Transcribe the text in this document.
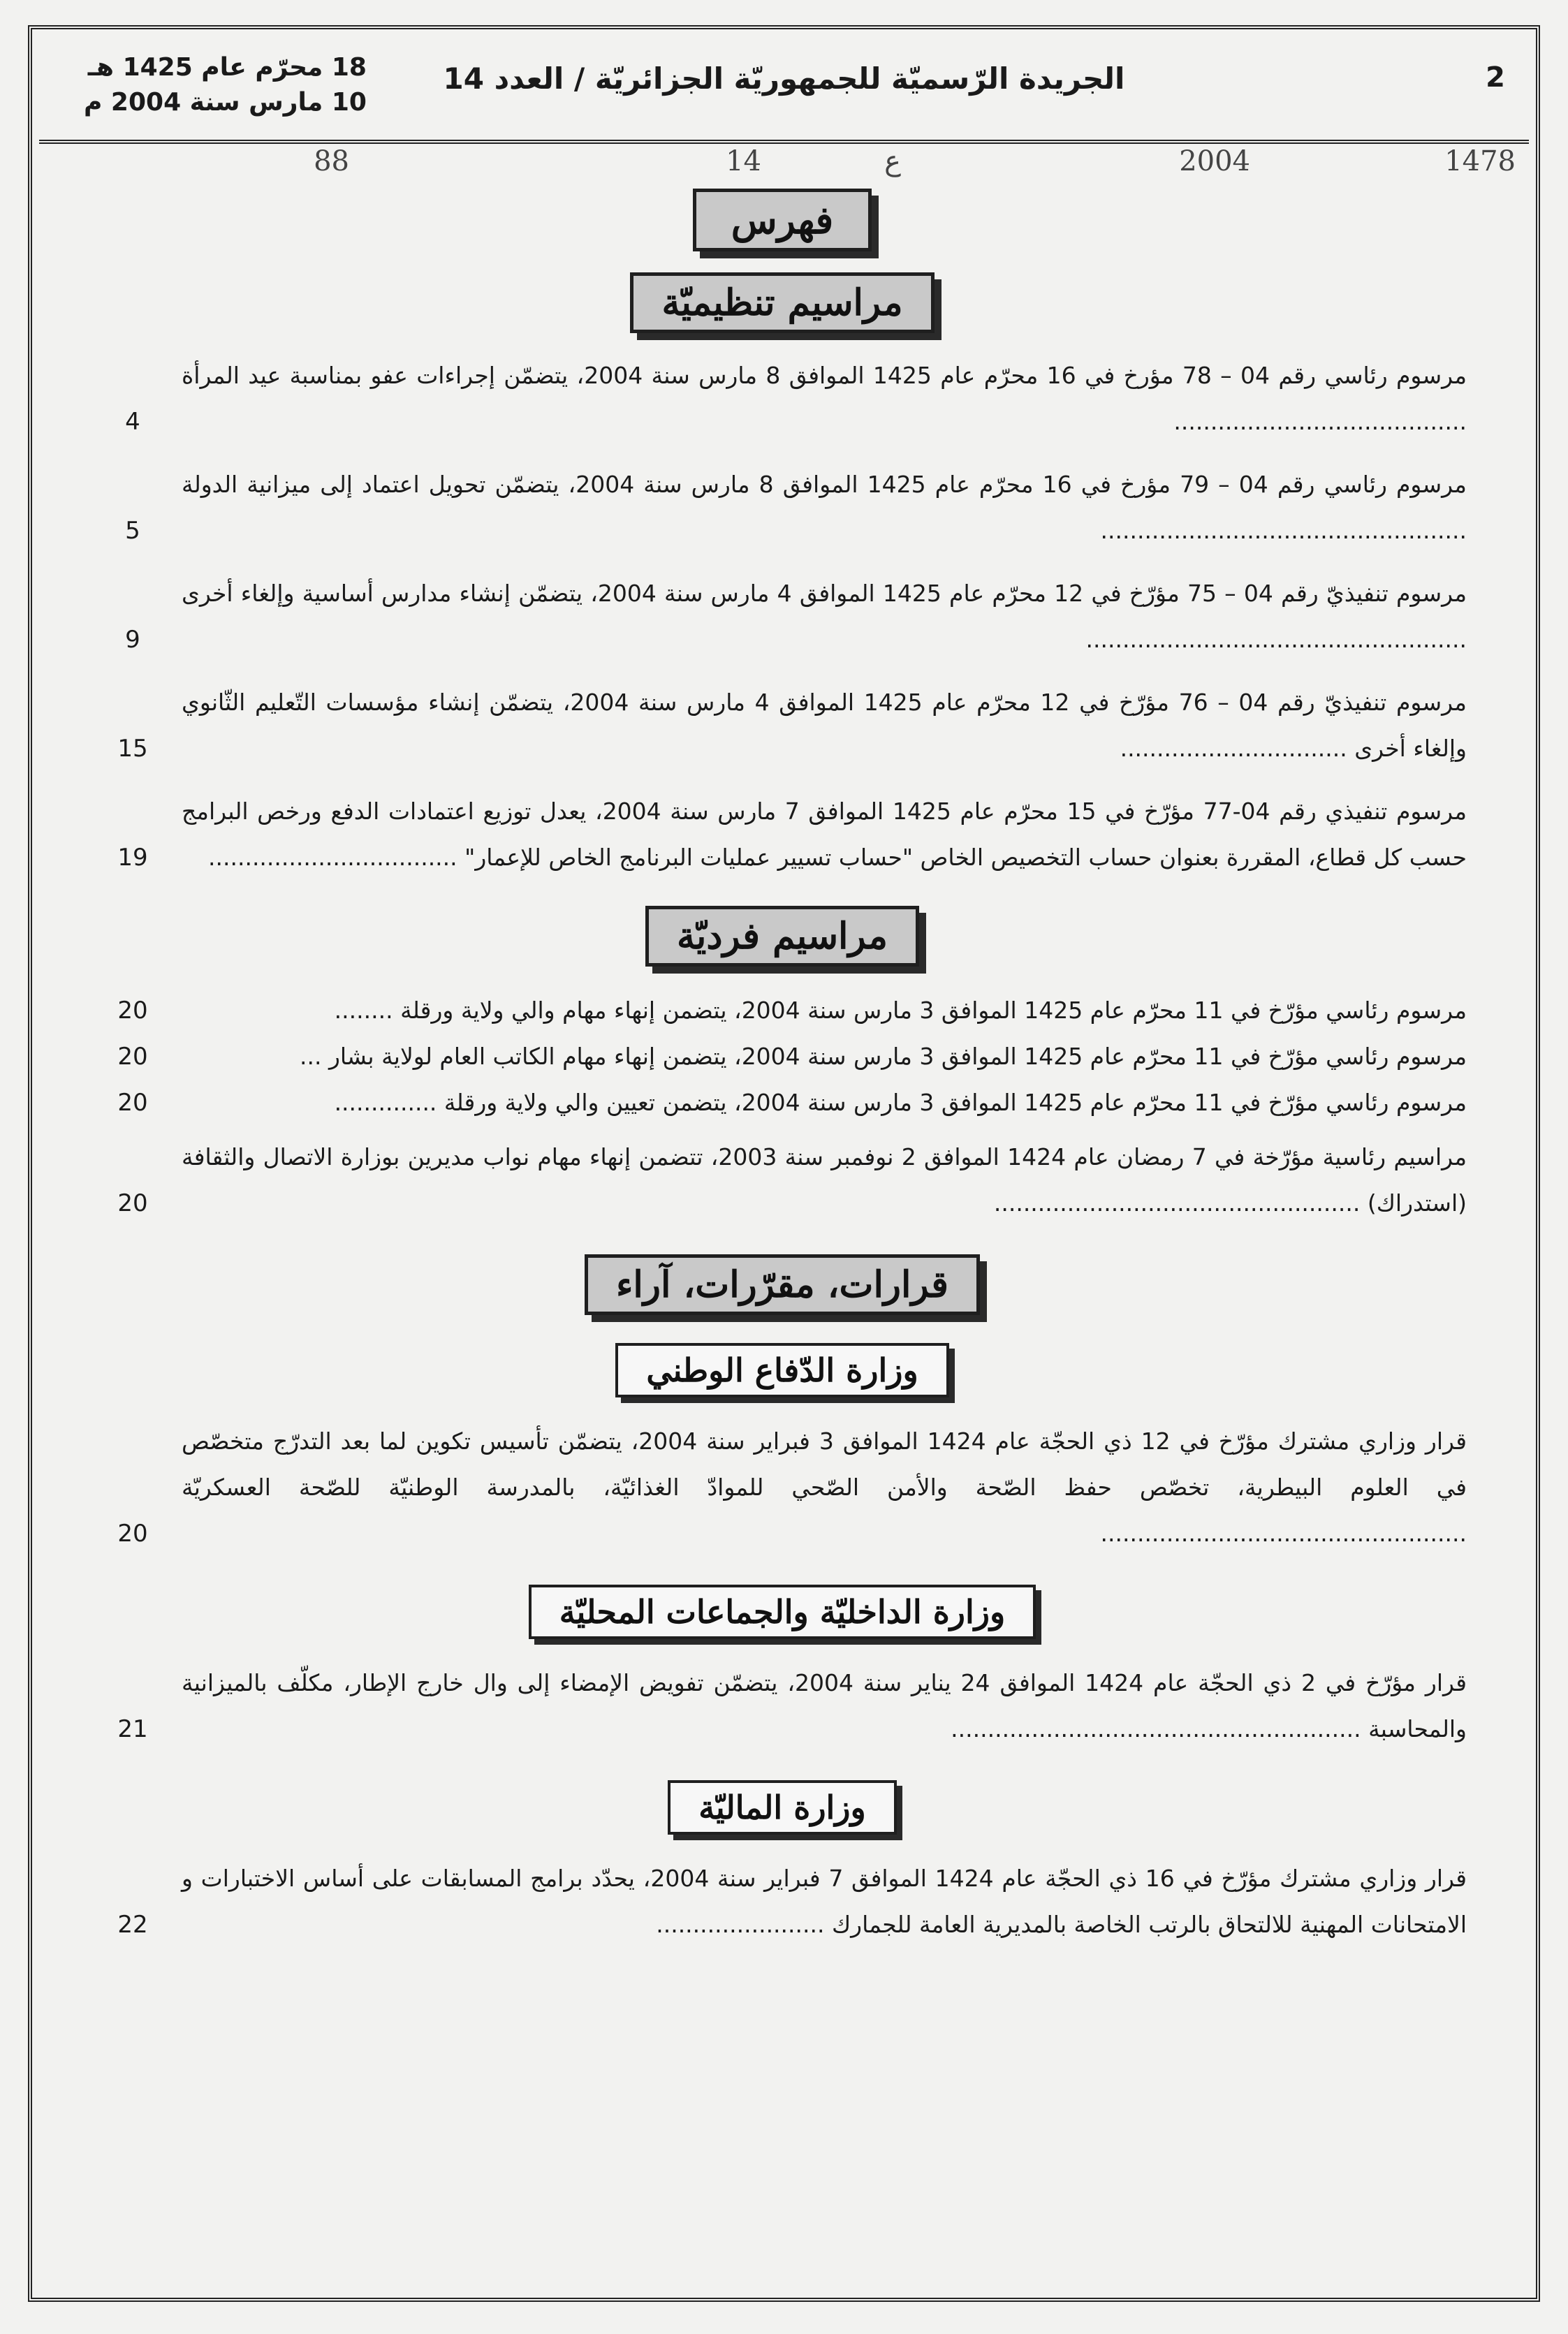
2
الجريدة الرّسميّة للجمهوريّة الجزائريّة / العدد 14
18 محرّم عام 1425 هـ
10 مارس سنة 2004 م
1478
2004
ع
14
88
فهرس
مراسيم تنظيميّة
مرسوم رئاسي رقم 04 – 78 مؤرخ في 16 محرّم عام 1425 الموافق 8 مارس سنة 2004، يتضمّن إجراءات عفو بمناسبة عيد المرأة ........................................
4
مرسوم رئاسي رقم 04 – 79 مؤرخ في 16 محرّم عام 1425 الموافق 8 مارس سنة 2004، يتضمّن تحويل اعتماد إلى ميزانية الدولة ..................................................
5
مرسوم تنفيذيّ رقم 04 – 75 مؤرّخ في 12 محرّم عام 1425 الموافق 4 مارس سنة 2004، يتضمّن إنشاء مدارس أساسية وإلغاء أخرى ....................................................
9
مرسوم تنفيذيّ رقم 04 – 76 مؤرّخ في 12 محرّم عام 1425 الموافق 4 مارس سنة 2004، يتضمّن إنشاء مؤسسات التّعليم الثّانوي وإلغاء أخرى ...............................
15
مرسوم تنفيذي رقم 04-77 مؤرّخ في 15 محرّم عام 1425 الموافق 7 مارس سنة 2004، يعدل توزيع اعتمادات الدفع ورخص البرامج حسب كل قطاع، المقررة بعنوان حساب التخصيص الخاص "حساب تسيير عمليات البرنامج الخاص للإعمار" ..................................
19
مراسيم فرديّة
مرسوم رئاسي مؤرّخ في 11 محرّم عام 1425 الموافق 3 مارس سنة 2004، يتضمن إنهاء مهام والي ولاية ورقلة ........
20
مرسوم رئاسي مؤرّخ في 11 محرّم عام 1425 الموافق 3 مارس سنة 2004، يتضمن إنهاء مهام الكاتب العام لولاية بشار ...
20
مرسوم رئاسي مؤرّخ في 11 محرّم عام 1425 الموافق 3 مارس سنة 2004، يتضمن تعيين والي ولاية ورقلة ..............
20
مراسيم رئاسية مؤرّخة في 7 رمضان عام 1424 الموافق 2 نوفمبر سنة 2003، تتضمن إنهاء مهام نواب مديرين بوزارة الاتصال والثقافة (استدراك) ..................................................
20
قرارات، مقرّرات، آراء
وزارة الدّفاع الوطني
قرار وزاري مشترك مؤرّخ في 12 ذي الحجّة عام 1424 الموافق 3 فبراير سنة 2004، يتضمّن تأسيس تكوين لما بعد التدرّج متخصّص في العلوم البيطرية، تخصّص حفظ الصّحة والأمن الصّحي للموادّ الغذائيّة، بالمدرسة الوطنيّة للصّحة العسكريّة ..................................................
20
وزارة الداخليّة والجماعات المحليّة
قرار مؤرّخ في 2 ذي الحجّة عام 1424 الموافق 24 يناير سنة 2004، يتضمّن تفويض الإمضاء إلى وال خارج الإطار، مكلّف بالميزانية والمحاسبة ........................................................
21
وزارة الماليّة
قرار وزاري مشترك مؤرّخ في 16 ذي الحجّة عام 1424 الموافق 7 فبراير سنة 2004، يحدّد برامج المسابقات على أساس الاختبارات و الامتحانات المهنية للالتحاق بالرتب الخاصة بالمديرية العامة للجمارك .......................
22
